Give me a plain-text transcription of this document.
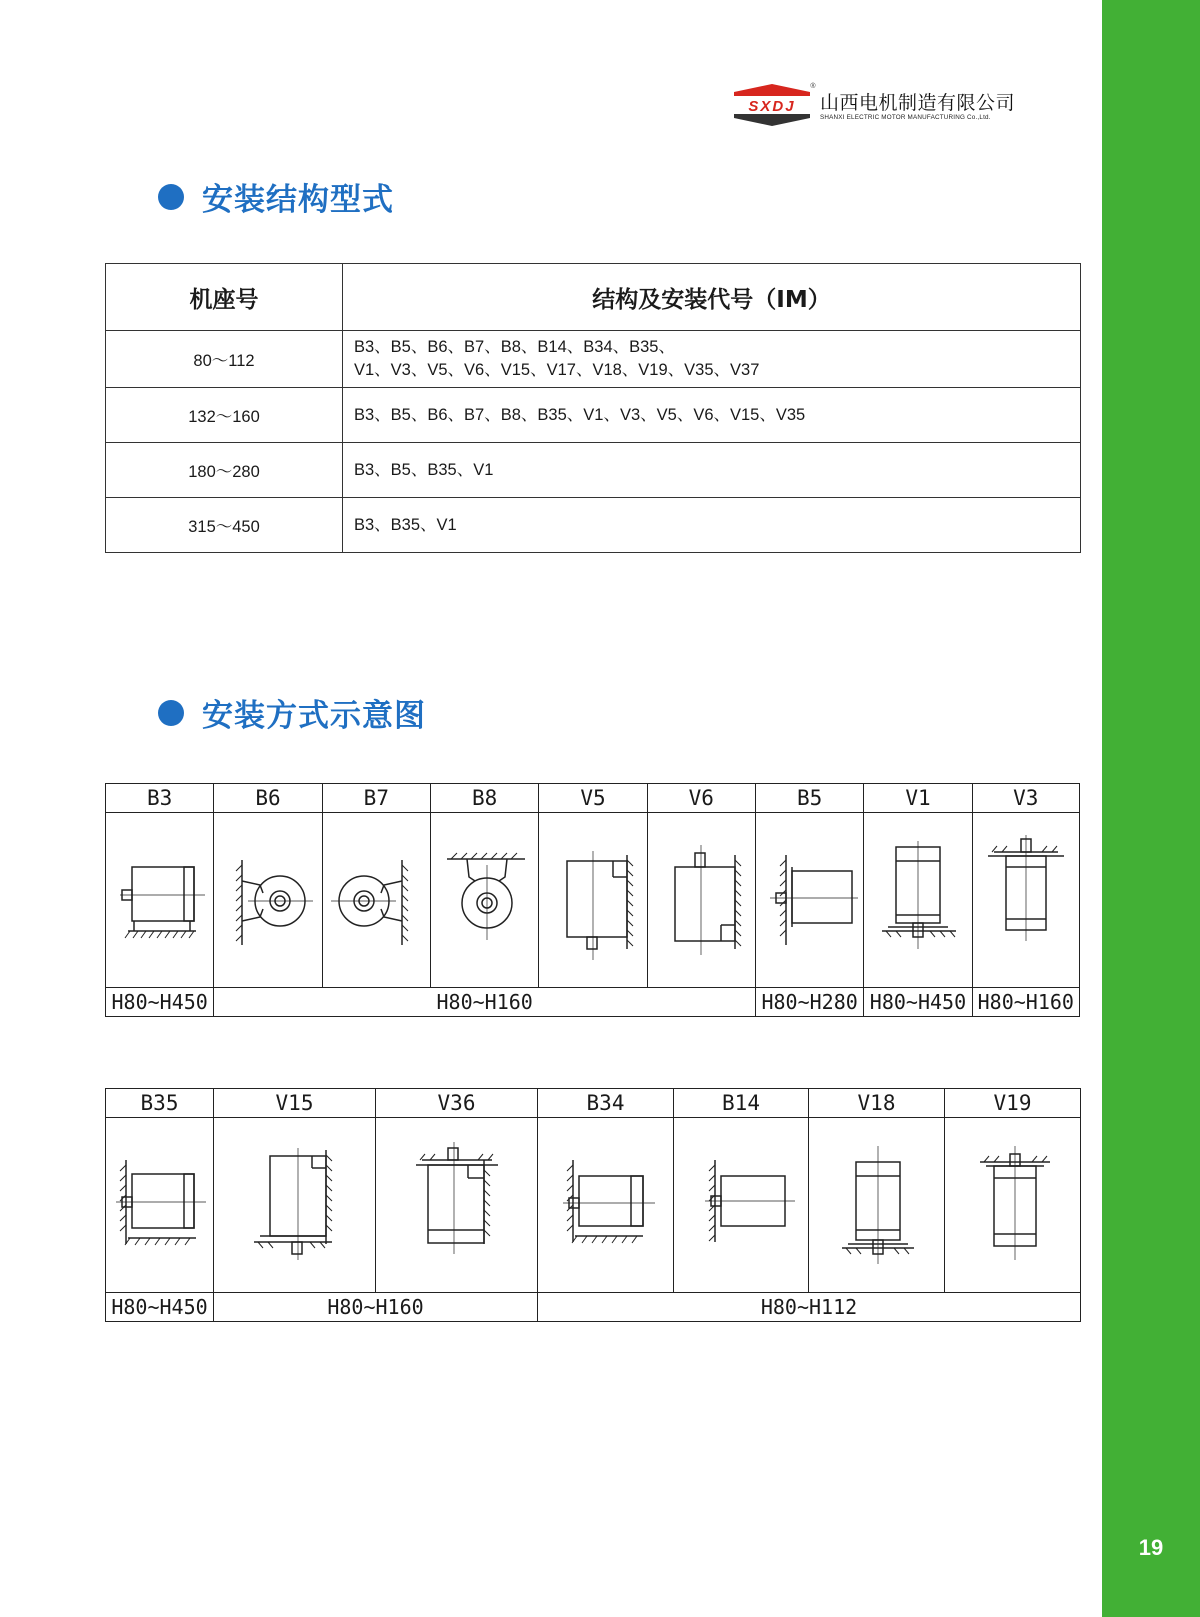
19
SXDJ
®
山西电机制造有限公司
SHANXI ELECTRIC MOTOR MANUFACTURING Co.,Ltd.
安装结构型式
机座号	结构及安装代号（IM）
80～112	B3、B5、B6、B7、B8、B14、B34、B35、
V1、V3、V5、V6、V15、V17、V18、V19、V35、V37

132～160	B3、B5、B6、B7、B8、B35、V1、V3、V5、V6、V15、V35
180～280	B3、B5、B35、V1
315～450	B3、B35、V1
安装方式示意图
B3	B6	B7	B8	V5	V6	B5	V1	V3

H80~H450	H80~H160					H80~H280	H80~H450	H80~H160
B35	V15	V36	B34	B14	V18	V19

H80~H450	H80~H160		H80~H112			
